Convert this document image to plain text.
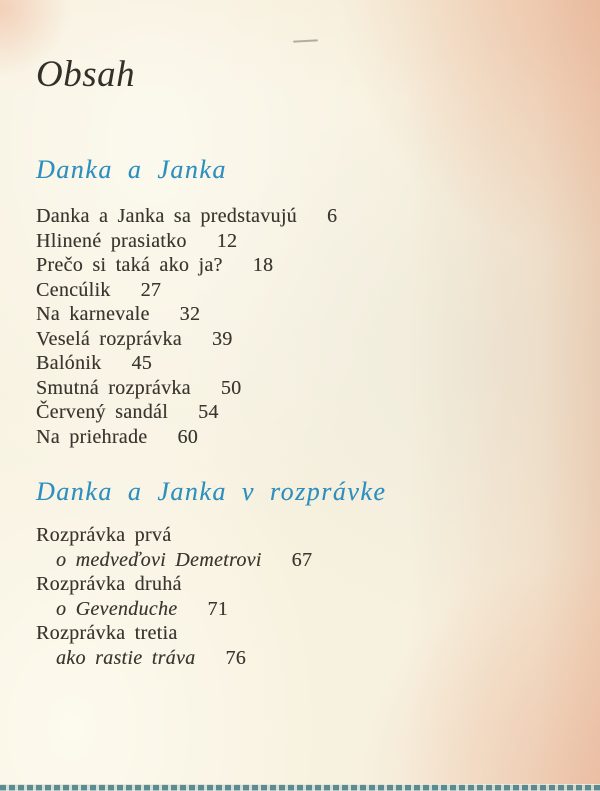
Obsah
Danka a Janka
Danka a Janka sa predstavujú 6
Hlinené prasiatko 12
Prečo si taká ako ja? 18
Cencúlik 27
Na karnevale 32
Veselá rozprávka 39
Balónik 45
Smutná rozprávka 50
Červený sandál 54
Na priehrade 60
Danka a Janka v rozprávke
Rozprávka prvá
o medveďovi Demetrovi 67
Rozprávka druhá
o Gevenduche 71
Rozprávka tretia
ako rastie tráva 76
